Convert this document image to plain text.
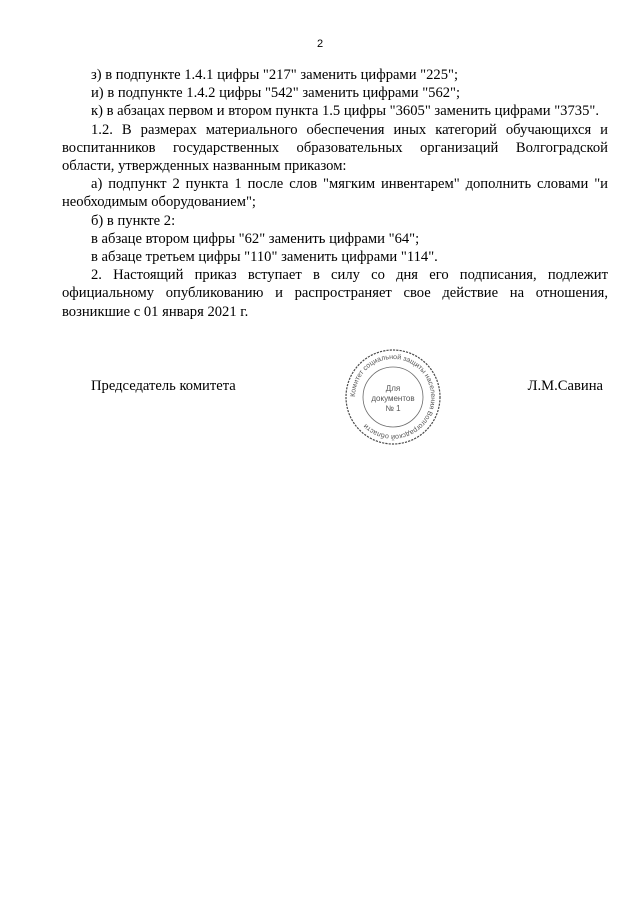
2

з) в подпункте 1.4.1 цифры "217" заменить цифрами "225";

и) в подпункте 1.4.2 цифры "542" заменить цифрами "562";

к) в абзацах первом и втором пункта 1.5 цифры "3605" заменить цифрами "3735".

1.2. В размерах материального обеспечения иных категорий обучающихся и воспитанников государственных образовательных организаций Волгоградской области, утвержденных названным приказом:

а) подпункт 2 пункта 1 после слов "мягким инвентарем" дополнить словами "и необходимым оборудованием";

б) в пункте 2:

в абзаце втором цифры "62" заменить цифрами "64";

в абзаце третьем цифры "110" заменить цифрами "114".

2. Настоящий приказ вступает в силу со дня его подписания, подлежит официальному опубликованию и распространяет свое действие на отношения, возникшие с 01 января 2021 г.

Председатель комитета	Л.М.Савина
Комитет социальной защиты населения Волгоградской области
Для
документов
№ 1
